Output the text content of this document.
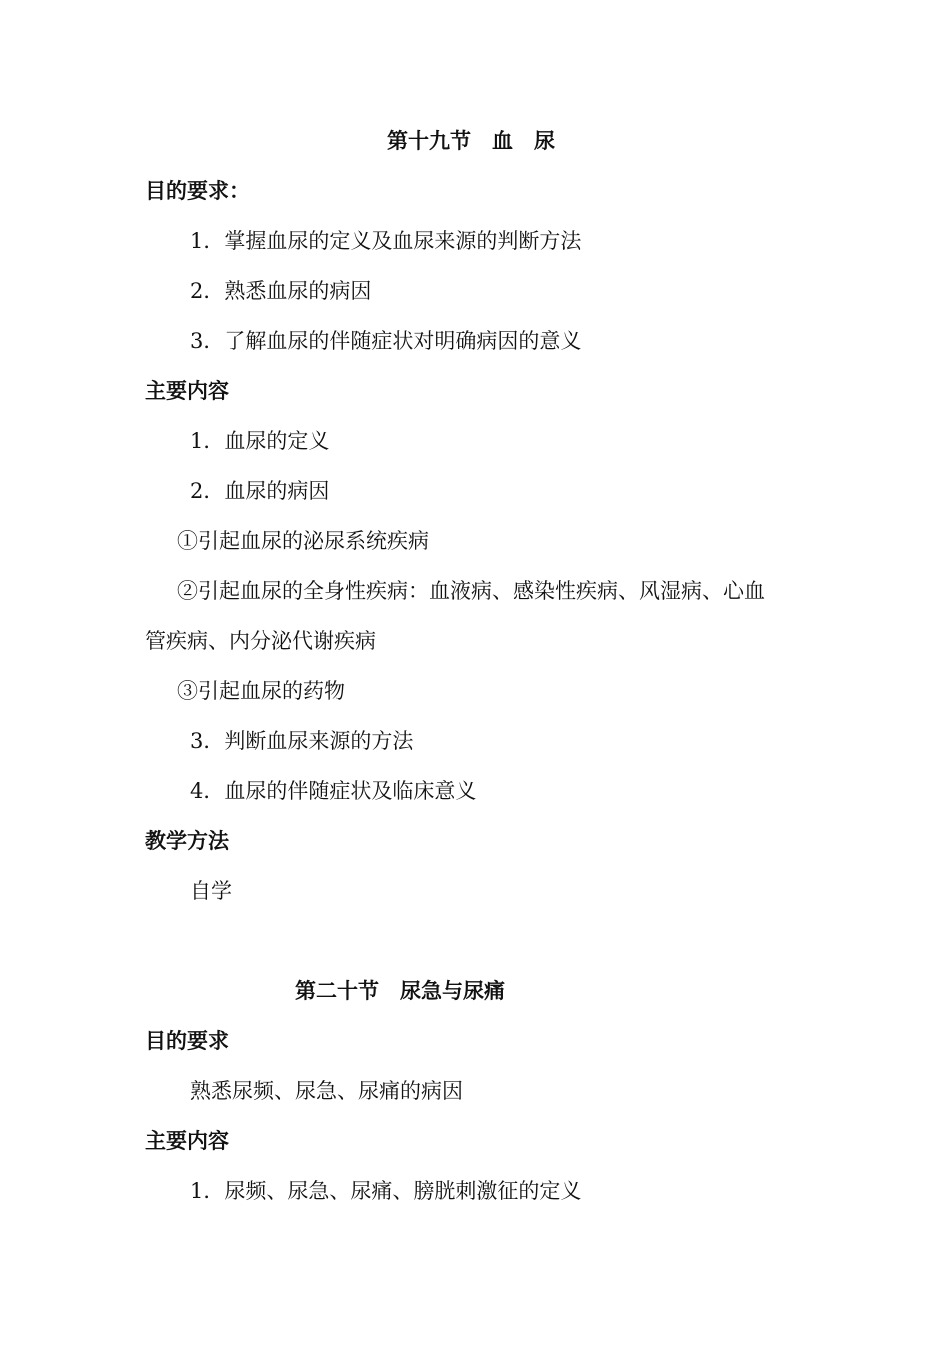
第十九节　血　尿
目的要求：
1．掌握血尿的定义及血尿来源的判断方法
2．熟悉血尿的病因
3．了解血尿的伴随症状对明确病因的意义
主要内容
1．血尿的定义
2．血尿的病因
①引起血尿的泌尿系统疾病
②引起血尿的全身性疾病：血液病、感染性疾病、风湿病、心血
管疾病、内分泌代谢疾病
③引起血尿的药物
3．判断血尿来源的方法
4．血尿的伴随症状及临床意义
教学方法
自学
第二十节　尿急与尿痛
目的要求
熟悉尿频、尿急、尿痛的病因
主要内容
1．尿频、尿急、尿痛、膀胱刺激征的定义
